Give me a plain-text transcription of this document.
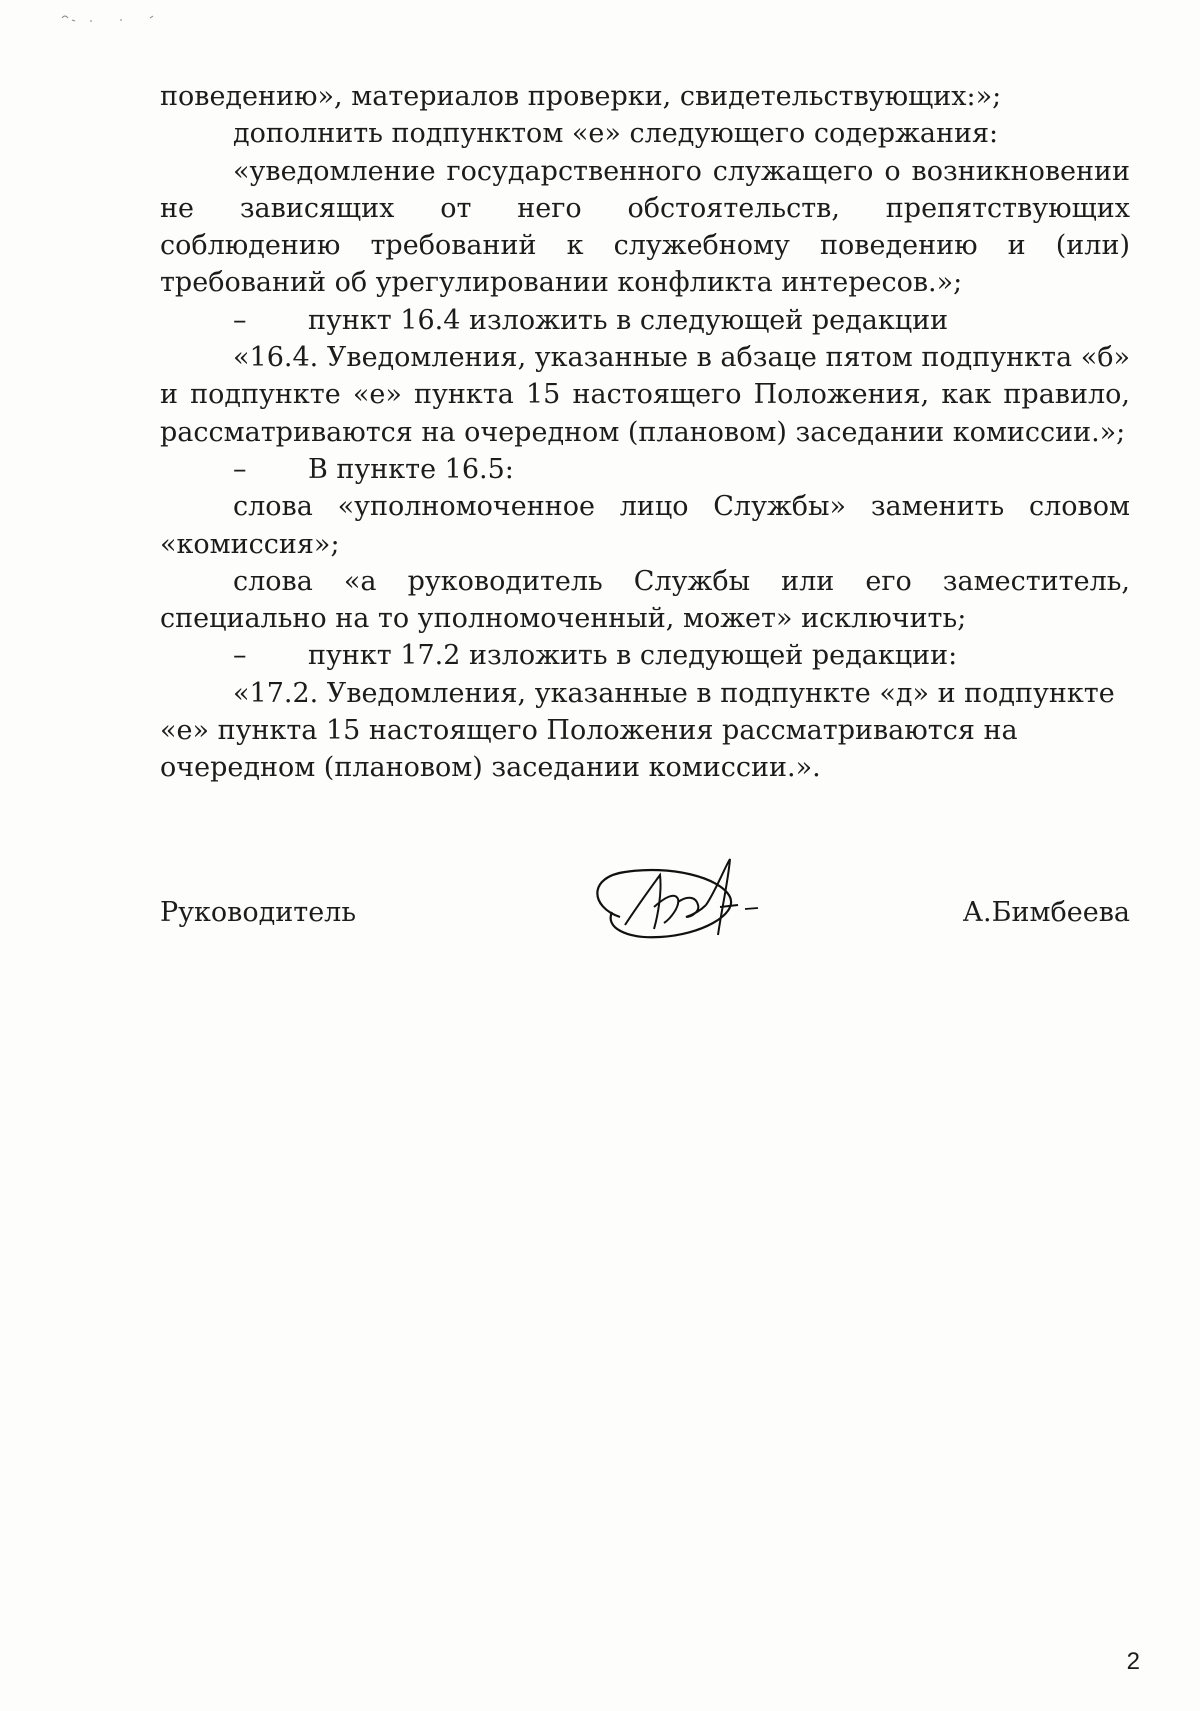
поведению», материалов проверки, свидетельствующих:»;

дополнить подпунктом «е» следующего содержания:

«уведомление государственного служащего о возникновении не зависящих от него обстоятельств, препятствующих соблюдению требований к служебному поведению и (или) требований об урегулировании конфликта интересов.»;

–	пункт 16.4 изложить в следующей редакции

«16.4. Уведомления, указанные в абзаце пятом подпункта «б» и подпункте «е» пункта 15 настоящего Положения, как правило, рассматриваются на очередном (плановом) заседании комиссии.»;

–	В пункте 16.5:

слова «уполномоченное лицо Службы» заменить словом «комиссия»;

слова «а руководитель Службы или его заместитель, специально на то уполномоченный, может» исключить;

–	пункт 17.2 изложить в следующей редакции:

«17.2. Уведомления, указанные в подпункте «д» и подпункте «е» пункта 15 настоящего Положения рассматриваются на очередном (плановом) заседании комиссии.».

Руководитель	А.Бимбеева
2
